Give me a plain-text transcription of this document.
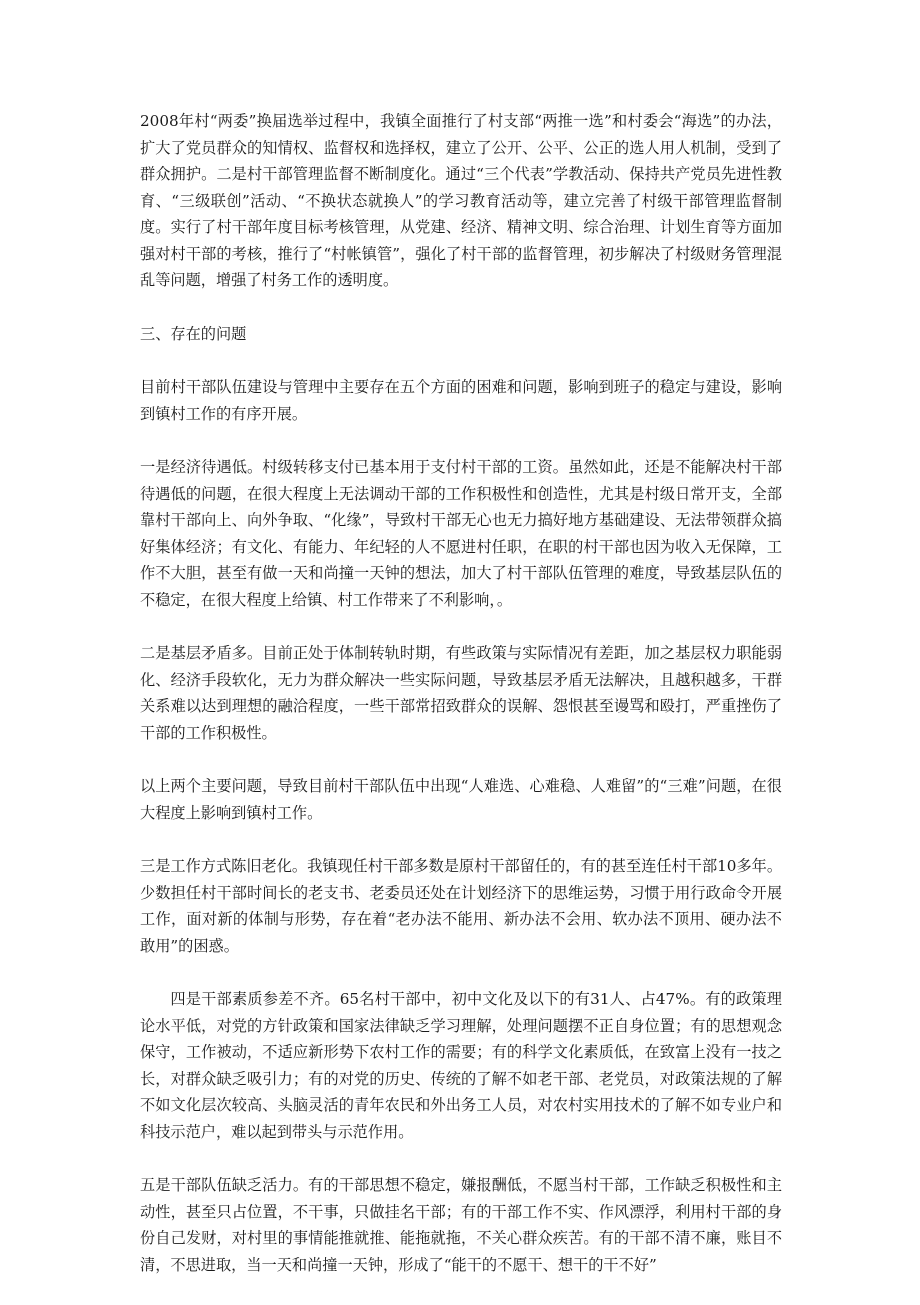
2008年村“两委”换届选举过程中，我镇全面推行了村支部“两推一选”和村委会“海选”的办法，扩大了党员群众的知情权、监督权和选择权，建立了公开、公平、公正的选人用人机制，受到了群众拥护。二是村干部管理监督不断制度化。通过“三个代表”学教活动、保持共产党员先进性教育、“三级联创”活动、“不换状态就换人”的学习教育活动等，建立完善了村级干部管理监督制度。实行了村干部年度目标考核管理，从党建、经济、精神文明、综合治理、计划生育等方面加强对村干部的考核，推行了“村帐镇管”，强化了村干部的监督管理，初步解决了村级财务管理混乱等问题，增强了村务工作的透明度。

三、存在的问题

目前村干部队伍建设与管理中主要存在五个方面的困难和问题，影响到班子的稳定与建设，影响到镇村工作的有序开展。

一是经济待遇低。村级转移支付已基本用于支付村干部的工资。虽然如此，还是不能解决村干部待遇低的问题，在很大程度上无法调动干部的工作积极性和创造性，尤其是村级日常开支，全部靠村干部向上、向外争取、“化缘”，导致村干部无心也无力搞好地方基础建设、无法带领群众搞好集体经济；有文化、有能力、年纪轻的人不愿进村任职，在职的村干部也因为收入无保障，工作不大胆，甚至有做一天和尚撞一天钟的想法，加大了村干部队伍管理的难度，导致基层队伍的不稳定，在很大程度上给镇、村工作带来了不利影响，。

二是基层矛盾多。目前正处于体制转轨时期，有些政策与实际情况有差距，加之基层权力职能弱化、经济手段软化，无力为群众解决一些实际问题，导致基层矛盾无法解决，且越积越多，干群关系难以达到理想的融洽程度，一些干部常招致群众的误解、怨恨甚至谩骂和殴打，严重挫伤了干部的工作积极性。

以上两个主要问题，导致目前村干部队伍中出现“人难选、心难稳、人难留”的“三难”问题，在很大程度上影响到镇村工作。

三是工作方式陈旧老化。我镇现任村干部多数是原村干部留任的，有的甚至连任村干部10多年。少数担任村干部时间长的老支书、老委员还处在计划经济下的思维运势，习惯于用行政命令开展工作，面对新的体制与形势，存在着“老办法不能用、新办法不会用、软办法不顶用、硬办法不敢用”的困惑。

四是干部素质参差不齐。65名村干部中，初中文化及以下的有31人、占47%。有的政策理论水平低，对党的方针政策和国家法律缺乏学习理解，处理问题摆不正自身位置；有的思想观念保守，工作被动，不适应新形势下农村工作的需要；有的科学文化素质低，在致富上没有一技之长，对群众缺乏吸引力；有的对党的历史、传统的了解不如老干部、老党员，对政策法规的了解不如文化层次较高、头脑灵活的青年农民和外出务工人员，对农村实用技术的了解不如专业户和科技示范户，难以起到带头与示范作用。

五是干部队伍缺乏活力。有的干部思想不稳定，嫌报酬低，不愿当村干部，工作缺乏积极性和主动性，甚至只占位置，不干事，只做挂名干部；有的干部工作不实、作风漂浮，利用村干部的身份自己发财，对村里的事情能推就推、能拖就拖，不关心群众疾苦。有的干部不清不廉，账目不清，不思进取，当一天和尚撞一天钟，形成了“能干的不愿干、想干的干不好”
